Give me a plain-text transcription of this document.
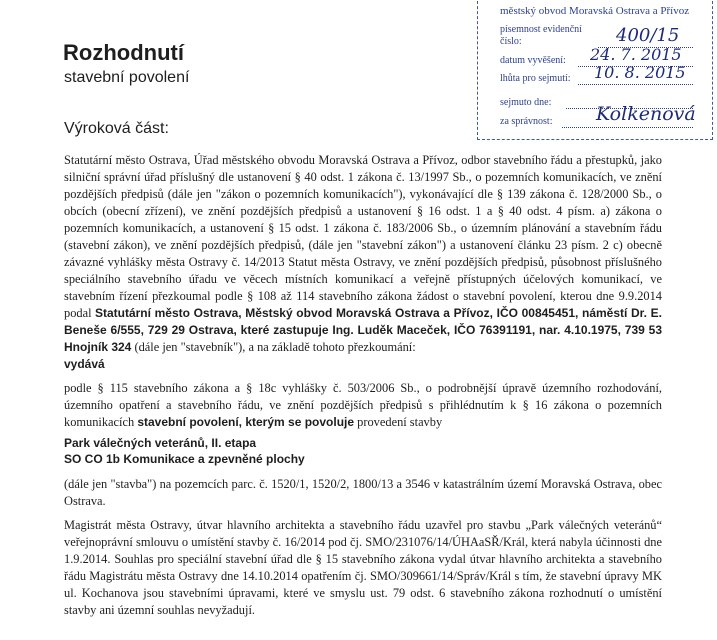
Rozhodnutí
stavební povolení
Výroková část:
městský obvod Moravská Ostrava a Přívoz
písemnost evidenční
číslo:	400/15
datum vyvěšení: 24. 7. 2015
lhůta pro sejmutí: 10. 8. 2015
sejmuto dne:
za správnost: Kolkenová
Statutární město Ostrava, Úřad městského obvodu Moravská Ostrava a Přívoz, odbor stavebního řádu a přestupků, jako silniční správní úřad příslušný dle ustanovení § 40 odst. 1 zákona č. 13/1997 Sb., o pozemních komunikacích, ve znění pozdějších předpisů (dále jen "zákon o pozemních komunikacích"), vykonávající dle § 139 zákona č. 128/2000 Sb., o obcích (obecní zřízení), ve znění pozdějších předpisů a ustanovení § 16 odst. 1 a § 40 odst. 4 písm. a) zákona o pozemních komunikacích, a ustanovení § 15 odst. 1 zákona č. 183/2006 Sb., o územním plánování a stavebním řádu (stavební zákon), ve znění pozdějších předpisů, (dále jen "stavební zákon") a ustanovení článku 23 písm. 2 c) obecně závazné vyhlášky města Ostravy č. 14/2013 Statut města Ostravy, ve znění pozdějších předpisů, působnost příslušného speciálního stavebního úřadu ve věcech místních komunikací a veřejně přístupných účelových komunikací, ve stavebním řízení přezkoumal podle § 108 až 114 stavebního zákona žádost o stavební povolení, kterou dne 9.9.2014 podal Statutární město Ostrava, Městský obvod Moravská Ostrava a Přívoz, IČO 00845451, náměstí Dr. E. Beneše 6/555, 729 29 Ostrava, které zastupuje Ing. Luděk Maceček, IČO 76391191, nar. 4.10.1975, 739 53 Hnojník 324 (dále jen "stavebník"), a na základě tohoto přezkoumání:
vydává
podle § 115 stavebního zákona a § 18c vyhlášky č. 503/2006 Sb., o podrobnější úpravě územního rozhodování, územního opatření a stavebního řádu, ve znění pozdějších předpisů s přihlédnutím k § 16 zákona o pozemních komunikacích stavební povolení, kterým se povoluje provedení stavby
Park válečných veteránů, II. etapa
SO CO 1b Komunikace a zpevněné plochy
(dále jen "stavba") na pozemcích parc. č. 1520/1, 1520/2, 1800/13 a 3546 v katastrálním území Moravská Ostrava, obec Ostrava.
Magistrát města Ostravy, útvar hlavního architekta a stavebního řádu uzavřel pro stavbu „Park válečných veteránů“ veřejnoprávní smlouvu o umístění stavby č. 16/2014 pod čj. SMO/231076/14/ÚHAaSŘ/Král, která nabyla účinnosti dne 1.9.2014. Souhlas pro speciální stavební úřad dle § 15 stavebního zákona vydal útvar hlavního architekta a stavebního řádu Magistrátu města Ostravy dne 14.10.2014 opatřením čj. SMO/309661/14/Správ/Král s tím, že stavební úpravy MK ul. Kochanova jsou stavebními úpravami, které ve smyslu ust. 79 odst. 6 stavebního zákona rozhodnutí o umístění stavby ani územní souhlas nevyžadují.
